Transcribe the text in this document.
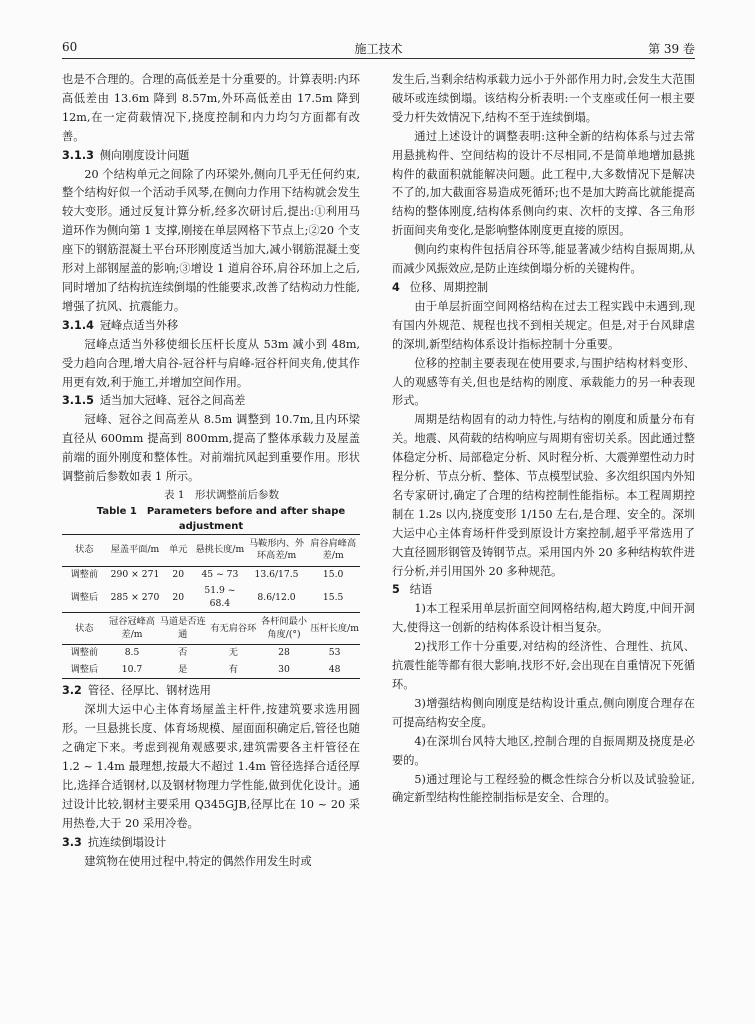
60	施工技术	第 39 卷

也是不合理的。合理的高低差是十分重要的。计算表明:内环高低差由 13.6m 降到 8.57m,外环高低差由 17.5m 降到 12m,在一定荷载情况下,挠度控制和内力均匀方面都有改善。

3.1.3 侧向刚度设计问题

20 个结构单元之间除了内环梁外,侧向几乎无任何约束,整个结构好似一个活动手风琴,在侧向力作用下结构就会发生较大变形。通过反复计算分析,经多次研讨后,提出:①利用马道环作为侧向第 1 支撑,刚接在单层网格下节点上;②20 个支座下的钢筋混凝土平台环形刚度适当加大,减小钢筋混凝土变形对上部钢屋盖的影响;③增设 1 道肩谷环,肩谷环加上之后,同时增加了结构抗连续倒塌的性能要求,改善了结构动力性能,增强了抗风、抗震能力。

3.1.4 冠峰点适当外移

冠峰点适当外移使细长压杆长度从 53m 减小到 48m,受力趋向合理,增大肩谷-冠谷杆与肩峰-冠谷杆间夹角,使其作用更有效,利于施工,并增加空间作用。

3.1.5 适当加大冠峰、冠谷之间高差

冠峰、冠谷之间高差从 8.5m 调整到 10.7m,且内环梁直径从 600mm 提高到 800mm,提高了整体承载力及屋盖前端的面外刚度和整体性。对前端抗风起到重要作用。形状调整前后参数如表 1 所示。

表 1　形状调整前后参数

Table 1　Parameters before and after shape adjustment

状态	屋盖平面/m	单元	悬挑长度/m	马鞍形内、外环高差/m	肩谷肩峰高差/m
调整前	290 × 271	20	45 ~ 73	13.6/17.5	15.0
调整后	285 × 270	20	51.9 ~ 68.4	8.6/12.0	15.5
状态	冠谷冠峰高差/m	马道是否连通	有无肩谷环	各杆间最小角度/(°)	压杆长度/m
调整前	8.5	否	无	28	53
调整后	10.7	是	有	30	48
3.2 管径、径厚比、钢材选用

深圳大运中心主体育场屋盖主杆件,按建筑要求选用圆形。一旦悬挑长度、体育场规模、屋面面积确定后,管径也随之确定下来。考虑到视角观感要求,建筑需要各主杆管径在 1.2 ~ 1.4m 最理想,按最大不超过 1.4m 管径选择合适径厚比,选择合适钢材,以及钢材物理力学性能,做到优化设计。通过设计比较,钢材主要采用 Q345GJB,径厚比在 10 ~ 20 采用热卷,大于 20 采用冷卷。

3.3 抗连续倒塌设计

建筑物在使用过程中,特定的偶然作用发生时或

发生后,当剩余结构承载力远小于外部作用力时,会发生大范围破坏或连续倒塌。该结构分析表明:一个支座或任何一根主要受力杆失效情况下,结构不至于连续倒塌。

通过上述设计的调整表明:这种全新的结构体系与过去常用悬挑构件、空间结构的设计不尽相同,不是简单地增加悬挑构件的截面积就能解决问题。此工程中,大多数情况下是解决不了的,加大截面容易造成死循环;也不是加大跨高比就能提高结构的整体刚度,结构体系侧向约束、次杆的支撑、各三角形折面间夹角变化,是影响整体刚度更直接的原因。

侧向约束构件包括肩谷环等,能显著减少结构自振周期,从而减少风振效应,是防止连续倒塌分析的关键构件。

4 位移、周期控制

由于单层折面空间网格结构在过去工程实践中未遇到,现有国内外规范、规程也找不到相关规定。但是,对于台风肆虐的深圳,新型结构体系设计指标控制十分重要。

位移的控制主要表现在使用要求,与围护结构材料变形、人的观感等有关,但也是结构的刚度、承载能力的另一种表现形式。

周期是结构固有的动力特性,与结构的刚度和质量分布有关。地震、风荷载的结构响应与周期有密切关系。因此通过整体稳定分析、局部稳定分析、风时程分析、大震弹塑性动力时程分析、节点分析、整体、节点模型试验、多次组织国内外知名专家研讨,确定了合理的结构控制性能指标。本工程周期控制在 1.2s 以内,挠度变形 1/150 左右,是合理、安全的。深圳大运中心主体育场杆件受到原设计方案控制,超乎平常选用了大直径圆形钢管及铸钢节点。采用国内外 20 多种结构软件进行分析,并引用国外 20 多种规范。

5 结语

1)本工程采用单层折面空间网格结构,超大跨度,中间开洞大,使得这一创新的结构体系设计相当复杂。

2)找形工作十分重要,对结构的经济性、合理性、抗风、抗震性能等都有很大影响,找形不好,会出现在自重情况下死循环。

3)增强结构侧向刚度是结构设计重点,侧向刚度合理存在可提高结构安全度。

4)在深圳台风特大地区,控制合理的自振周期及挠度是必要的。

5)通过理论与工程经验的概念性综合分析以及试验验证,确定新型结构性能控制指标是安全、合理的。
